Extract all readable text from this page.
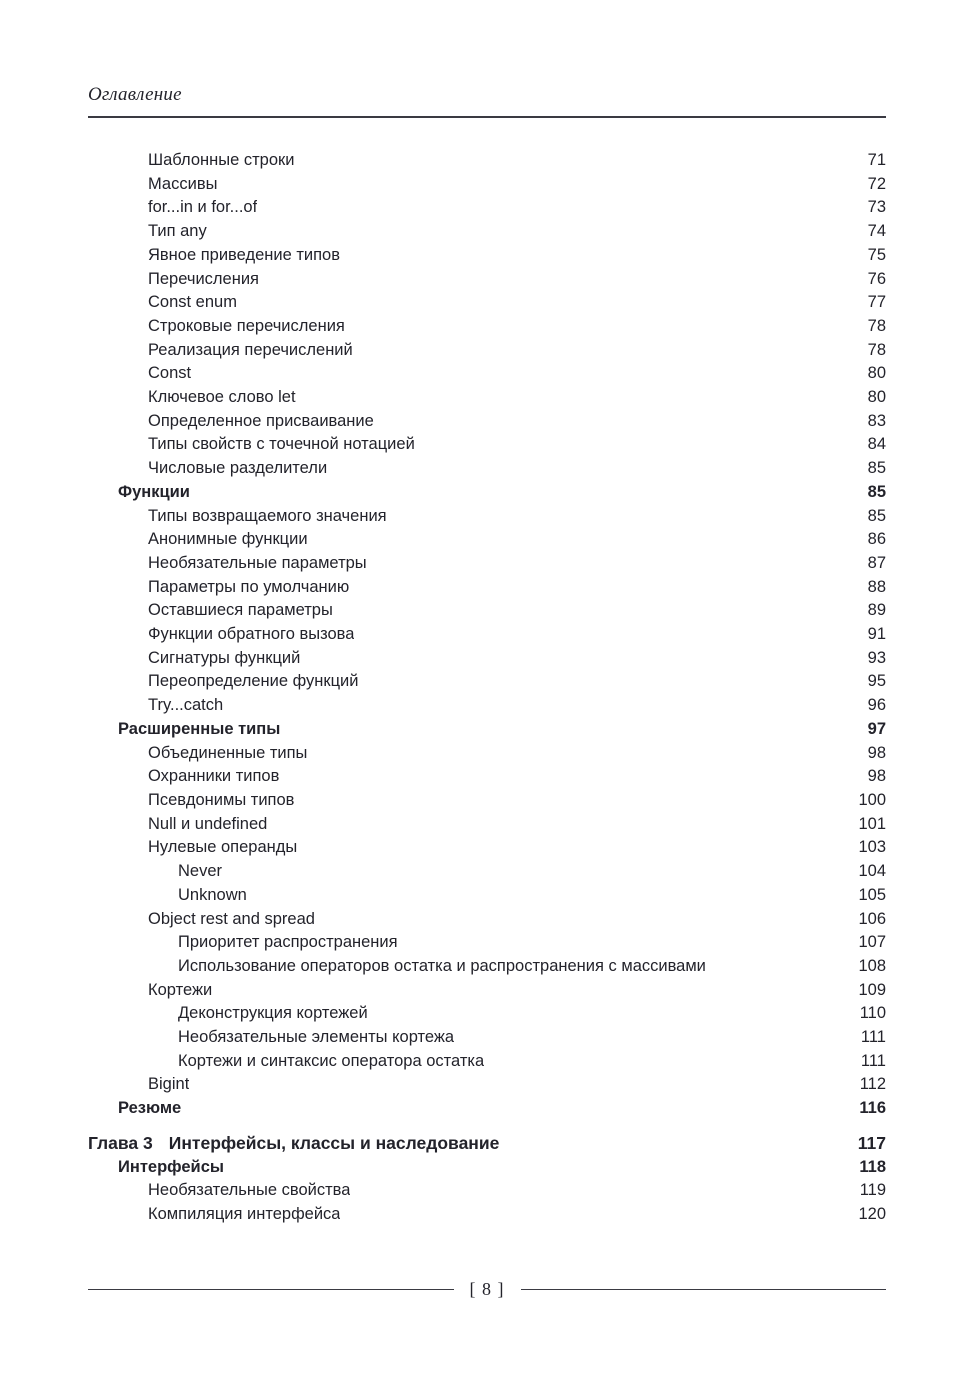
Оглавление
Шаблонные строки	71
Массивы	72
for...in и for...of	73
Тип any	74
Явное приведение типов	75
Перечисления	76
Const enum	77
Строковые перечисления	78
Реализация перечислений	78
Const	80
Ключевое слово let	80
Определенное присваивание	83
Типы свойств с точечной нотацией	84
Числовые разделители	85
Функции	85
Типы возвращаемого значения	85
Анонимные функции	86
Необязательные параметры	87
Параметры по умолчанию	88
Оставшиеся параметры	89
Функции обратного вызова	91
Сигнатуры функций	93
Переопределение функций	95
Try...catch	96
Расширенные типы	97
Объединенные типы	98
Охранники типов	98
Псевдонимы типов	100
Null и undefined	101
Нулевые операнды	103
Never	104
Unknown	105
Object rest and spread	106
Приоритет распространения	107
Использование операторов остатка и распространения с массивами	108
Кортежи	109
Деконструкция кортежей	110
Необязательные элементы кортежа	111
Кортежи и синтаксис оператора остатка	111
Bigint	112
Резюме	116
Глава 3 Интерфейсы, классы и наследование	117
Интерфейсы	118
Необязательные свойства	119
Компиляция интерфейса	120
[ 8 ]
